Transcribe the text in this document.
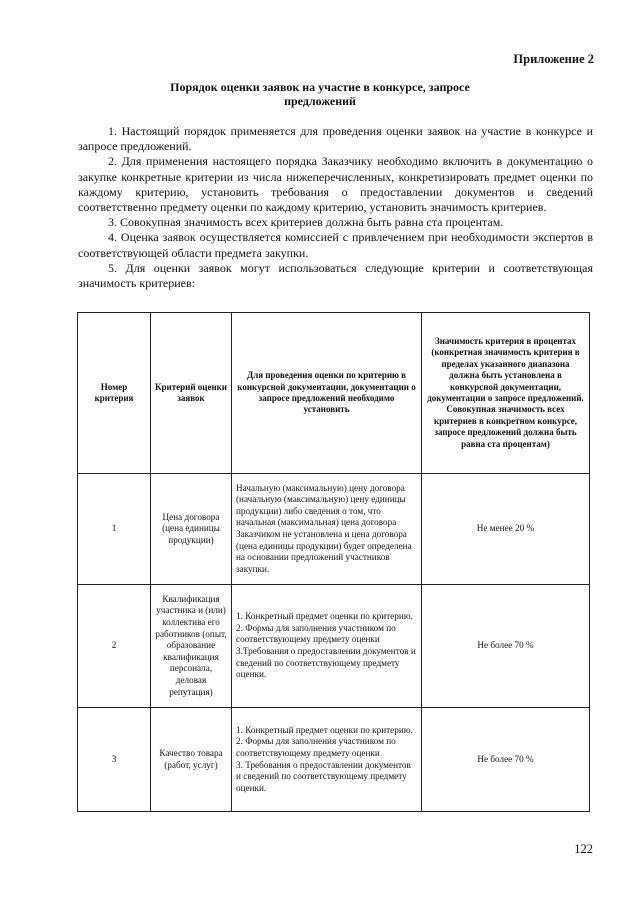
Приложение 2
Порядок оценки заявок на участие в конкурсе, запросе
предложений

1. Настоящий порядок применяется для проведения оценки заявок на участие в конкурсе и запросе предложений.

2. Для применения настоящего порядка Заказчику необходимо включить в документацию о закупке конкретные критерии из числа нижеперечисленных, конкретизировать предмет оценки по каждому критерию, установить требования о предоставлении документов и сведений соответственно предмету оценки по каждому критерию, установить значимость критериев.

3. Совокупная значимость всех критериев должна быть равна ста процентам.

4. Оценка заявок осуществляется комиссией с привлечением при необходимости экспертов в соответствующей области предмета закупки.

5. Для оценки заявок могут использоваться следующие критерии и соответствующая значимость критериев:

Номер критерия	Критерий оценки заявок	Для проведения оценки по критерию в конкурсной документации, документации о запросе предложений необходимо установить	Значимость критерия в процентах (конкретная значимость критерия в пределах указанного диапазона должна быть установлена в конкурсной документации, документации о запросе предложений. Совокупная значимость всех критериев в конкретном конкурсе, запросе предложений должна быть равна ста процентам)
1	Цена договора (цена единицы продукции)	Начальную (максимальную) цену договора (начальную (максимальную) цену единицы продукции) либо сведения о том, что начальная (максимальная) цена договора Заказчиком не установлена и цена договора (цена единицы продукции) будет определена на основании предложений участников закупки.	Не менее 20 %
2	Квалификация участника и (или) коллектива его работников (опыт, образование квалификация персонала, деловая репутация)	1. Конкретный предмет оценки по критерию.
2. Формы для заполнения участником по соответствующему предмету оценки
3.Требования о предоставлении документов и сведений по соответствующему предмету оценки.	Не более 70 %
3	Качество товара (работ, услуг)	1. Конкретный предмет оценки по критерию.
2. Формы для заполнения участником по соответствующему предмету оценки
3. Требования о предоставлении документов и сведений по соответствующему предмету оценки.	Не более 70 %
122
